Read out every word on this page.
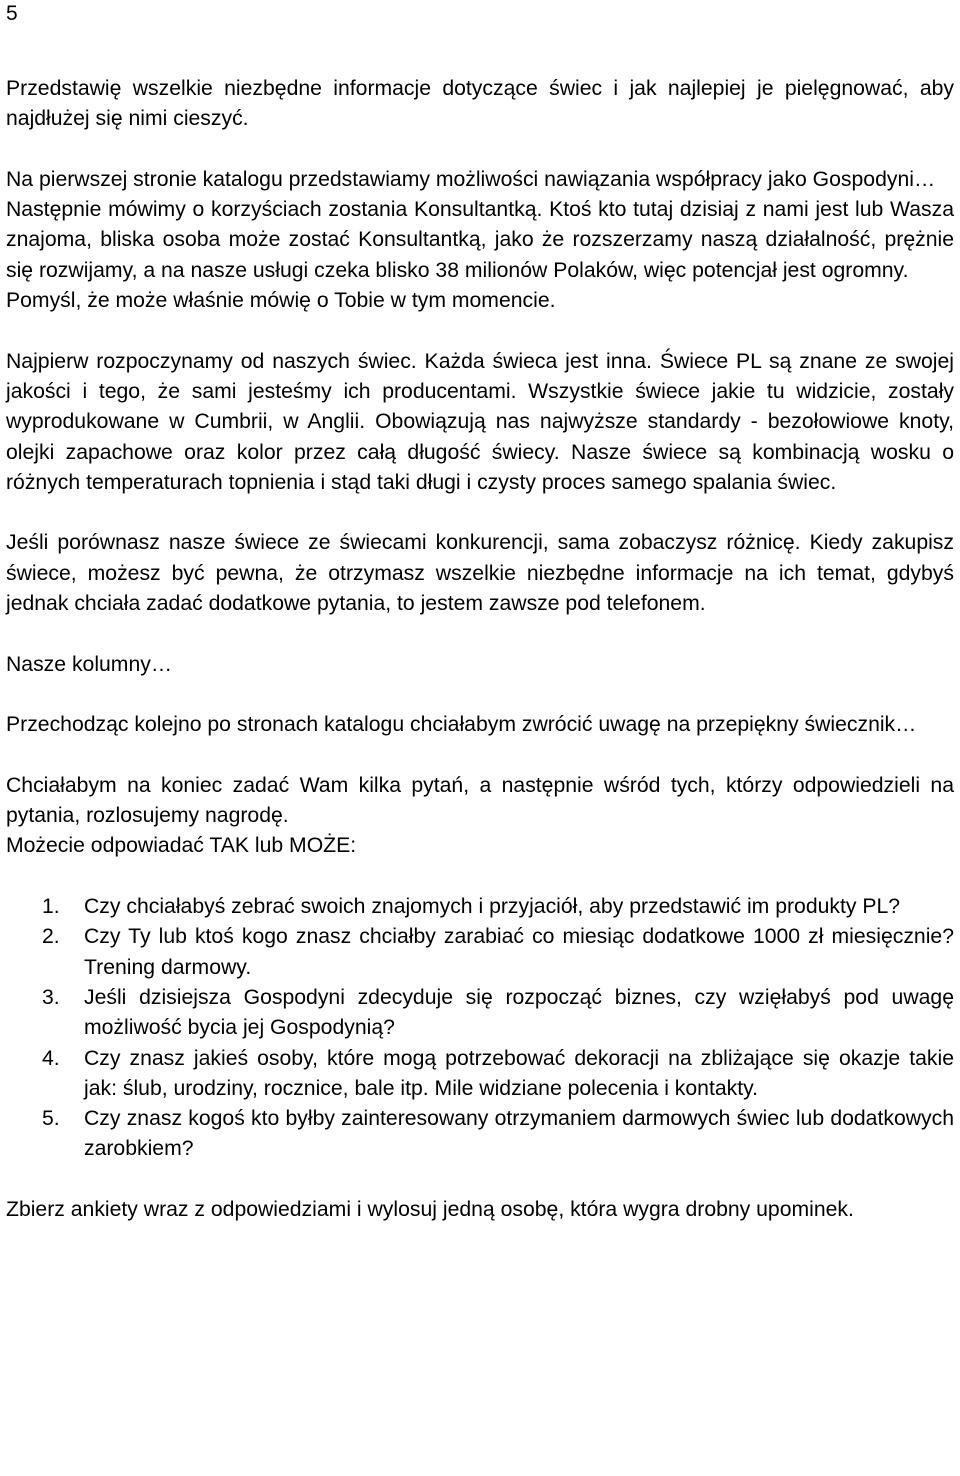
5

Przedstawię wszelkie niezbędne informacje dotyczące świec i jak najlepiej je pielęgnować, aby najdłużej się nimi cieszyć.

Na pierwszej stronie katalogu przedstawiamy możliwości nawiązania współpracy jako Gospodyni…

Następnie mówimy o korzyściach zostania Konsultantką. Ktoś kto tutaj dzisiaj z nami jest lub Wasza znajoma, bliska osoba może zostać Konsultantką, jako że rozszerzamy naszą działalność, prężnie się rozwijamy, a na nasze usługi czeka blisko 38 milionów Polaków, więc potencjał jest ogromny.

Pomyśl, że może właśnie mówię o Tobie w tym momencie.

Najpierw rozpoczynamy od naszych świec. Każda świeca jest inna. Świece PL są znane ze swojej jakości i tego, że sami jesteśmy ich producentami. Wszystkie świece jakie tu widzicie, zostały wyprodukowane w Cumbrii, w Anglii. Obowiązują nas najwyższe standardy - bezołowiowe knoty, olejki zapachowe oraz kolor przez całą długość świecy. Nasze świece są kombinacją wosku o różnych temperaturach topnienia i stąd taki długi i czysty proces samego spalania świec.

Jeśli porównasz nasze świece ze świecami konkurencji, sama zobaczysz różnicę. Kiedy zakupisz świece, możesz być pewna, że otrzymasz wszelkie niezbędne informacje na ich temat, gdybyś jednak chciała zadać dodatkowe pytania, to jestem zawsze pod telefonem.

Nasze kolumny…

Przechodząc kolejno po stronach katalogu chciałabym zwrócić uwagę na przepiękny świecznik…

Chciałabym na koniec zadać Wam kilka pytań, a następnie wśród tych, którzy odpowiedzieli na pytania, rozlosujemy nagrodę.

Możecie odpowiadać TAK lub MOŻE:

1. Czy chciałabyś zebrać swoich znajomych i przyjaciół, aby przedstawić im produkty PL?
2. Czy Ty lub ktoś kogo znasz chciałby zarabiać co miesiąc dodatkowe 1000 zł miesięcznie? Trening darmowy.
3. Jeśli dzisiejsza Gospodyni zdecyduje się rozpocząć biznes, czy wzięłabyś pod uwagę możliwość bycia jej Gospodynią?
4. Czy znasz jakieś osoby, które mogą potrzebować dekoracji na zbliżające się okazje takie jak: ślub, urodziny, rocznice, bale itp. Mile widziane polecenia i kontakty.
5. Czy znasz kogoś kto byłby zainteresowany otrzymaniem darmowych świec lub dodatkowych zarobkiem?

Zbierz ankiety wraz z odpowiedziami i wylosuj jedną osobę, która wygra drobny upominek.
